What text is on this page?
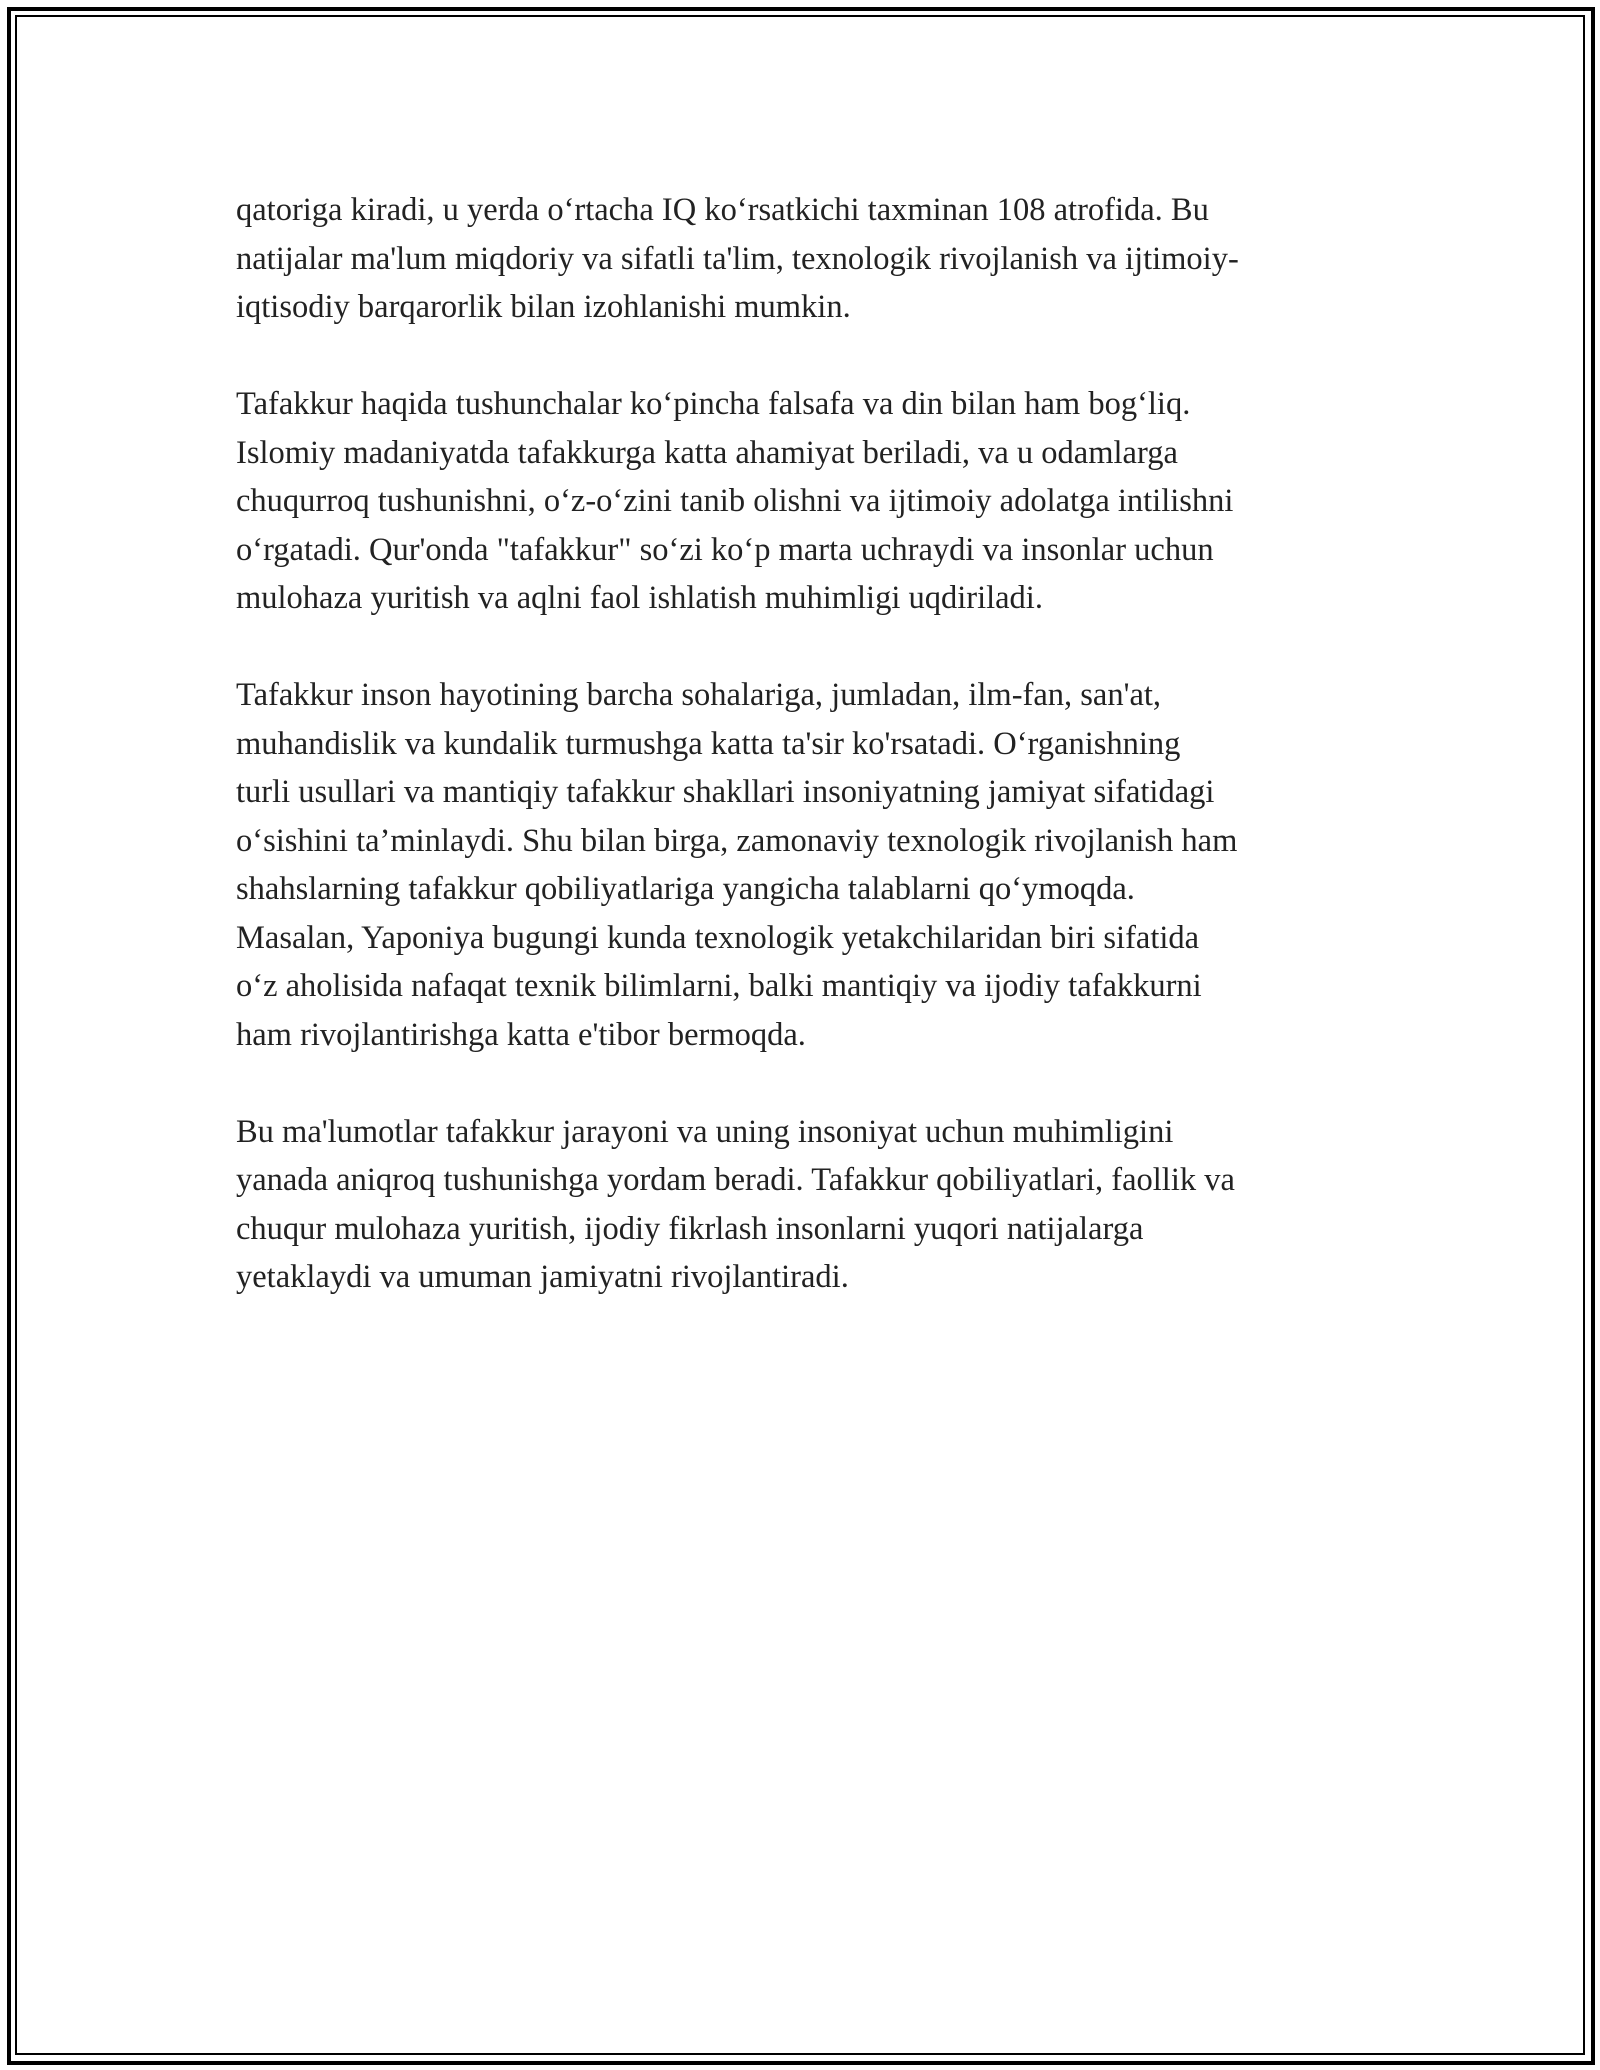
qatoriga kiradi, u yerda o‘rtacha IQ ko‘rsatkichi taxminan 108 atrofida. Bu
natijalar ma'lum miqdoriy va sifatli ta'lim, texnologik rivojlanish va ijtimoiy-
iqtisodiy barqarorlik bilan izohlanishi mumkin.

Tafakkur haqida tushunchalar ko‘pincha falsafa va din bilan ham bog‘liq.
Islomiy madaniyatda tafakkurga katta ahamiyat beriladi, va u odamlarga
chuqurroq tushunishni, o‘z-o‘zini tanib olishni va ijtimoiy adolatga intilishni
o‘rgatadi. Qur'onda "tafakkur" so‘zi ko‘p marta uchraydi va insonlar uchun
mulohaza yuritish va aqlni faol ishlatish muhimligi uqdiriladi.

Tafakkur inson hayotining barcha sohalariga, jumladan, ilm-fan, san'at,
muhandislik va kundalik turmushga katta ta'sir ko'rsatadi. O‘rganishning
turli usullari va mantiqiy tafakkur shakllari insoniyatning jamiyat sifatidagi
o‘sishini ta’minlaydi. Shu bilan birga, zamonaviy texnologik rivojlanish ham
shahslarning tafakkur qobiliyatlariga yangicha talablarni qo‘ymoqda.
Masalan, Yaponiya bugungi kunda texnologik yetakchilaridan biri sifatida
o‘z aholisida nafaqat texnik bilimlarni, balki mantiqiy va ijodiy tafakkurni
ham rivojlantirishga katta e'tibor bermoqda.

Bu ma'lumotlar tafakkur jarayoni va uning insoniyat uchun muhimligini
yanada aniqroq tushunishga yordam beradi. Tafakkur qobiliyatlari, faollik va
chuqur mulohaza yuritish, ijodiy fikrlash insonlarni yuqori natijalarga
yetaklaydi va umuman jamiyatni rivojlantiradi.
